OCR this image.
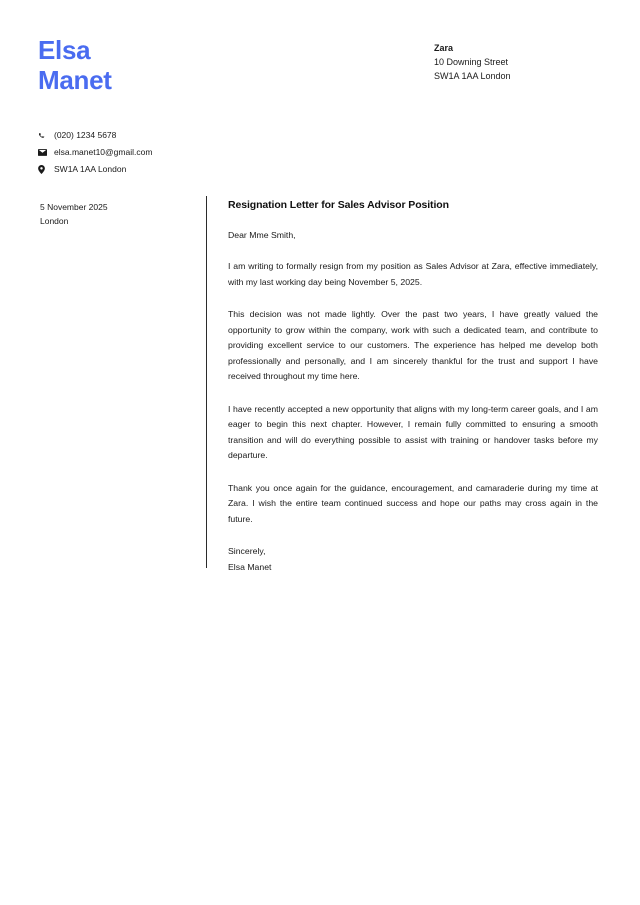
Elsa
Manet
Zara
10 Downing Street
SW1A 1AA London
(020) 1234 5678
elsa.manet10@gmail.com
SW1A 1AA London
5 November 2025
London
Resignation Letter for Sales Advisor Position

Dear Mme Smith,

I am writing to formally resign from my position as Sales Advisor at Zara, effective immediately, with my last working day being November 5, 2025.

This decision was not made lightly. Over the past two years, I have greatly valued the opportunity to grow within the company, work with such a dedicated team, and contribute to providing excellent service to our customers. The experience has helped me develop both professionally and personally, and I am sincerely thankful for the trust and support I have received throughout my time here.

I have recently accepted a new opportunity that aligns with my long-term career goals, and I am eager to begin this next chapter. However, I remain fully committed to ensuring a smooth transition and will do everything possible to assist with training or handover tasks before my departure.

Thank you once again for the guidance, encouragement, and camaraderie during my time at Zara. I wish the entire team continued success and hope our paths may cross again in the future.

Sincerely,
Elsa Manet
